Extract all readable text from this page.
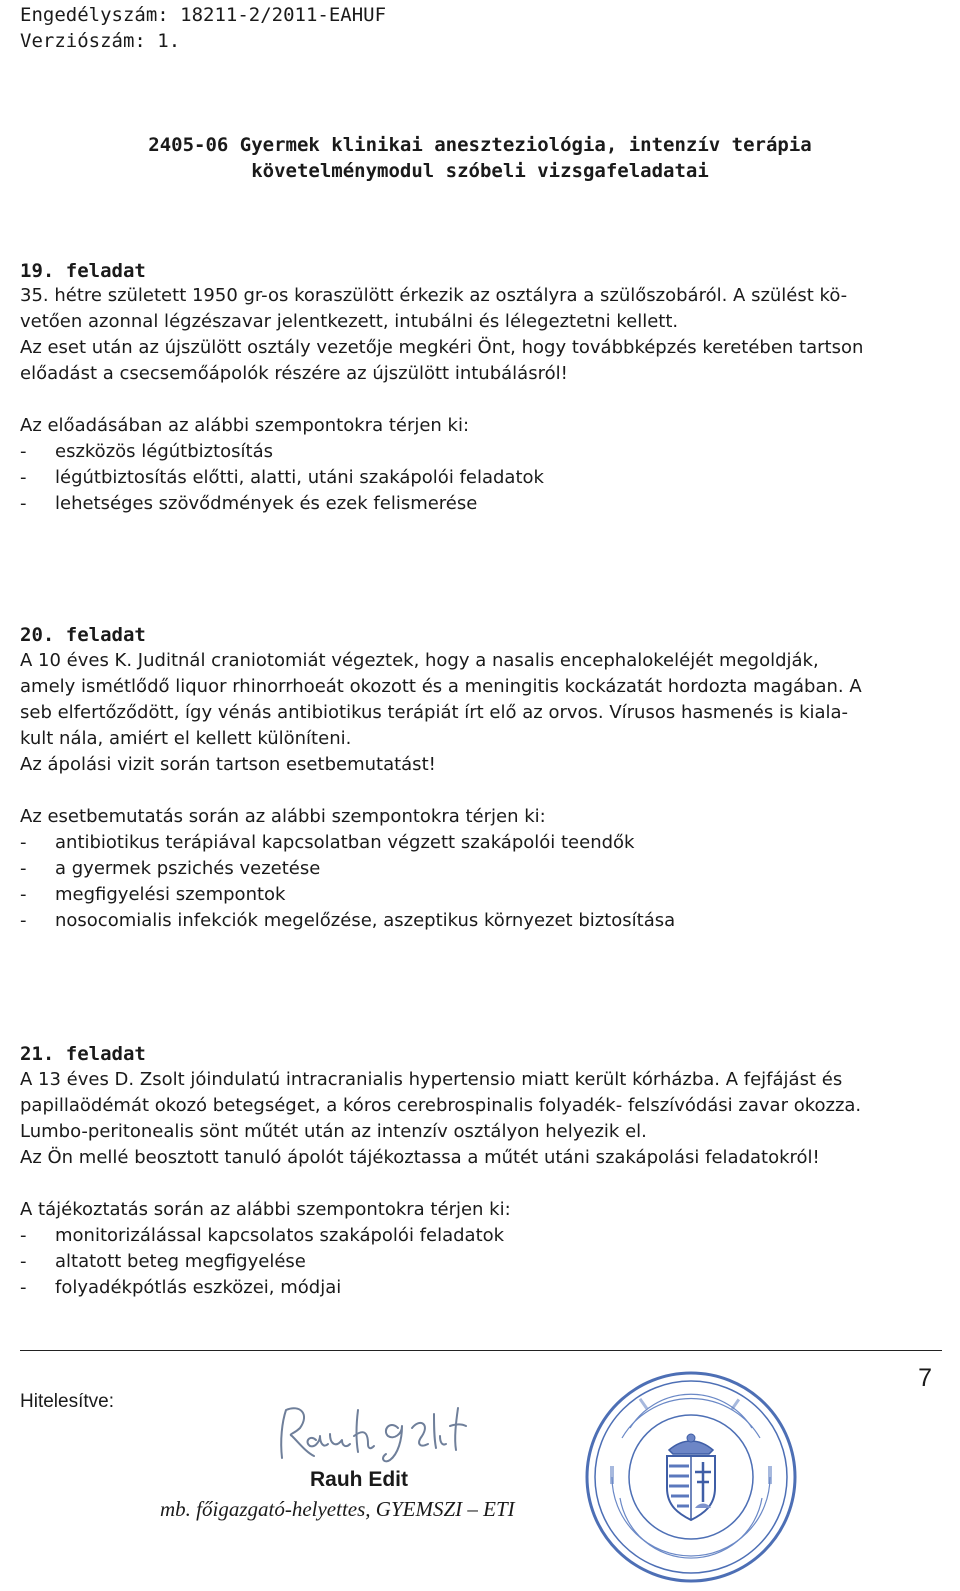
Engedélyszám: 18211-2/2011-EAHUF
Verziószám: 1.
2405-06 Gyermek klinikai aneszteziológia, intenzív terápia
követelménymodul szóbeli vizsgafeladatai
19. feladat
35. hétre született 1950 gr-os koraszülött érkezik az osztályra a szülőszobáról. A szülést kö-
vetően azonnal légzészavar jelentkezett, intubálni és lélegeztetni kellett.
Az eset után az újszülött osztály vezetője megkéri Önt, hogy továbbképzés keretében tartson
előadást a csecsemőápolók részére az újszülött intubálásról!
Az előadásában az alábbi szempontokra térjen ki:
- eszközös légútbiztosítás
- légútbiztosítás előtti, alatti, utáni szakápolói feladatok
- lehetséges szövődmények és ezek felismerése
20. feladat
A 10 éves K. Juditnál craniotomiát végeztek, hogy a nasalis encephalokeléjét megoldják,
amely ismétlődő liquor rhinorrhoeát okozott és a meningitis kockázatát hordozta magában. A
seb elfertőződött, így vénás antibiotikus terápiát írt elő az orvos. Vírusos hasmenés is kiala-
kult nála, amiért el kellett különíteni.
Az ápolási vizit során tartson esetbemutatást!
Az esetbemutatás során az alábbi szempontokra térjen ki:
- antibiotikus terápiával kapcsolatban végzett szakápolói teendők
- a gyermek pszichés vezetése
- megfigyelési szempontok
- nosocomialis infekciók megelőzése, aszeptikus környezet biztosítása
21. feladat
A 13 éves D. Zsolt jóindulatú intracranialis hypertensio miatt került kórházba. A fejfájást és
papillaödémát okozó betegséget, a kóros cerebrospinalis folyadék- felszívódási zavar okozza.
Lumbo-peritonealis sönt műtét után az intenzív osztályon helyezik el.
Az Ön mellé beosztott tanuló ápolót tájékoztassa a műtét utáni szakápolási feladatokról!
A tájékoztatás során az alábbi szempontokra térjen ki:
- monitorizálással kapcsolatos szakápolói feladatok
- altatott beteg megfigyelése
- folyadékpótlás eszközei, módjai
7
Hitelesítve:
Rauh Edit
mb. főigazgató-helyettes, GYEMSZI – ETI
